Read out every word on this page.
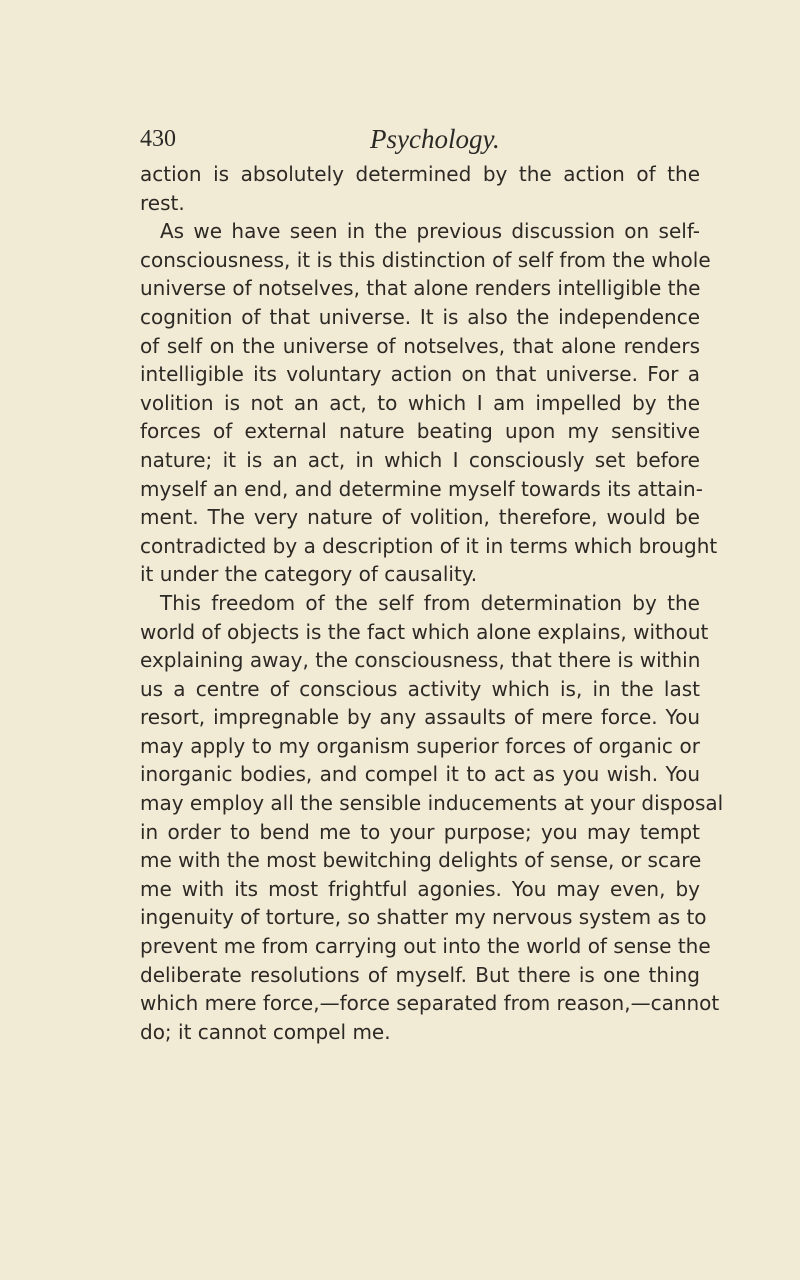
430	Psychology.
action is absolutely determined by the action of the
rest.
As we have seen in the previous discussion on self-
consciousness, it is this distinction of self from the whole
universe of notselves, that alone renders intelligible the
cognition of that universe. It is also the independence
of self on the universe of notselves, that alone renders
intelligible its voluntary action on that universe. For a
volition is not an act, to which I am impelled by the
forces of external nature beating upon my sensitive
nature; it is an act, in which I consciously set before
myself an end, and determine myself towards its attain-
ment. The very nature of volition, therefore, would be
contradicted by a description of it in terms which brought
it under the category of causality.
This freedom of the self from determination by the
world of objects is the fact which alone explains, without
explaining away, the consciousness, that there is within
us a centre of conscious activity which is, in the last
resort, impregnable by any assaults of mere force. You
may apply to my organism superior forces of organic or
inorganic bodies, and compel it to act as you wish. You
may employ all the sensible inducements at your disposal
in order to bend me to your purpose; you may tempt
me with the most bewitching delights of sense, or scare
me with its most frightful agonies. You may even, by
ingenuity of torture, so shatter my nervous system as to
prevent me from carrying out into the world of sense the
deliberate resolutions of myself. But there is one thing
which mere force,—force separated from reason,—cannot
do; it cannot compel me.
